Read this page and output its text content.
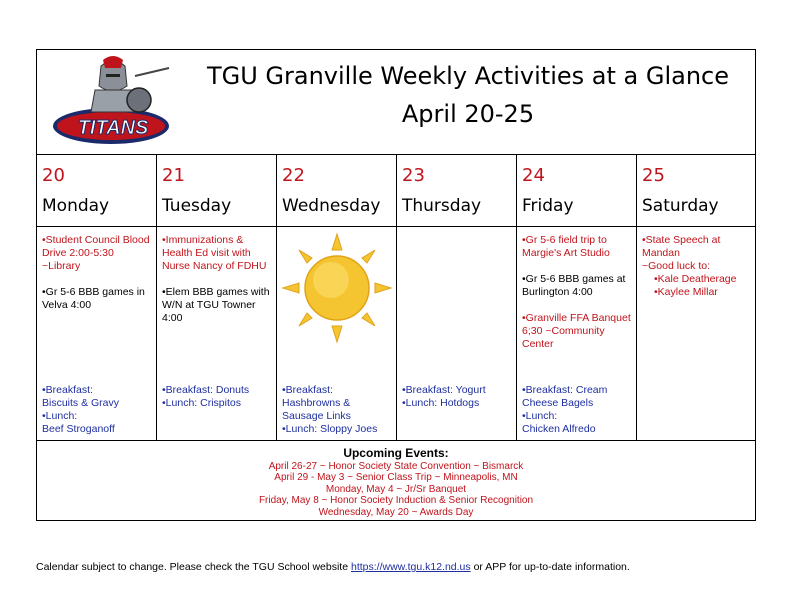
TITANS
TGU Granville Weekly Activities at a Glance
April 20-25
20
Monday
•Student Council Blood Drive 2:00-5:30 ~Library
•Gr 5-6 BBB games in Velva 4:00
•Breakfast:
Biscuits & Gravy
•Lunch:
Beef Stroganoff
21
Tuesday
•Immunizations & Health Ed visit with Nurse Nancy of FDHU
•Elem BBB games with W/N at TGU Towner 4:00
•Breakfast: Donuts
•Lunch: Crispitos
22
Wednesday
•Breakfast:
Hashbrowns &
Sausage Links
•Lunch: Sloppy Joes
23
Thursday
•Breakfast: Yogurt
•Lunch: Hotdogs
24
Friday
•Gr 5-6 field trip to Margie's Art Studio
•Gr 5-6 BBB games at Burlington 4:00
•Granville FFA Banquet 6;30 ~Community Center
•Breakfast: Cream
Cheese Bagels
•Lunch:
Chicken Alfredo
25
Saturday
•State Speech at Mandan
~Good luck to:
•Kale Deatherage
•Kaylee Millar
Upcoming Events:
April 26-27 ~ Honor Society State Convention ~ Bismarck
April 29 - May 3 ~ Senior Class Trip ~ Minneapolis, MN
Monday, May 4 ~ Jr/Sr Banquet
Friday, May 8 ~ Honor Society Induction & Senior Recognition
Wednesday, May 20 ~ Awards Day
Calendar subject to change. Please check the TGU School website https://www.tgu.k12.nd.us or APP for up-to-date information.
